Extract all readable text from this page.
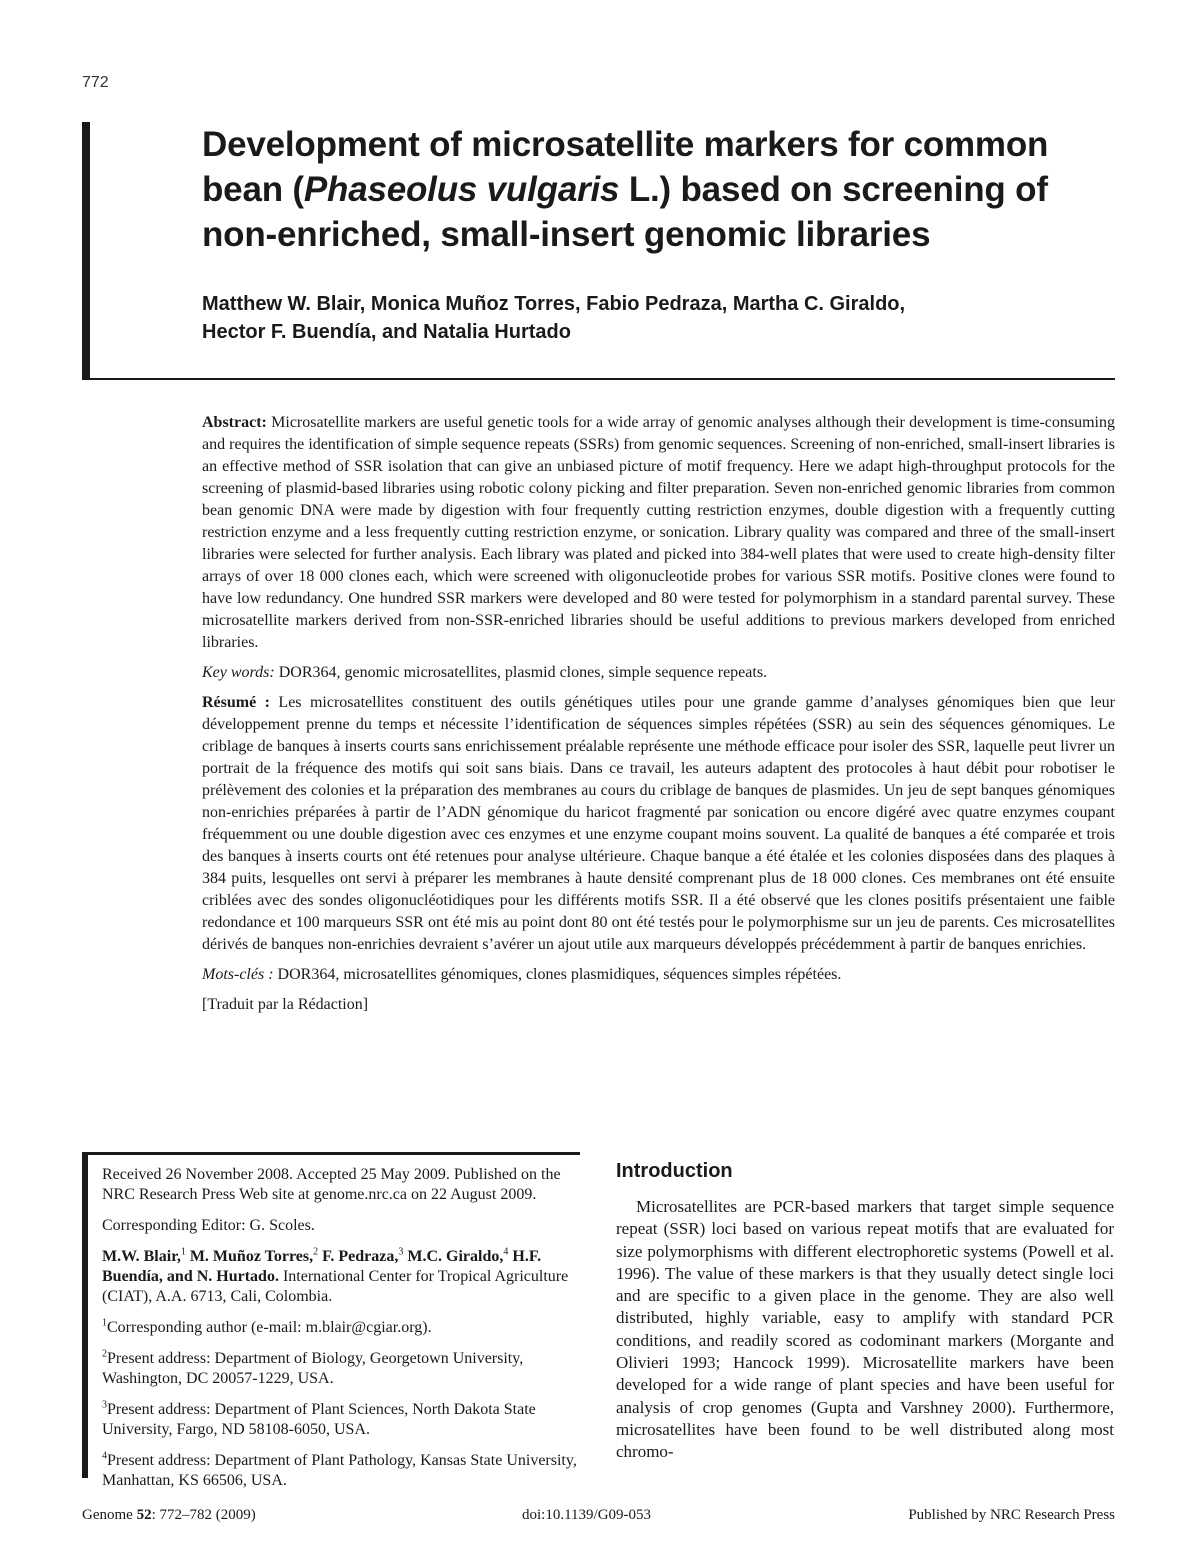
772
Development of microsatellite markers for common bean (Phaseolus vulgaris L.) based on screening of non-enriched, small-insert genomic libraries
Matthew W. Blair, Monica Muñoz Torres, Fabio Pedraza, Martha C. Giraldo,
Hector F. Buendía, and Natalia Hurtado

Abstract: Microsatellite markers are useful genetic tools for a wide array of genomic analyses although their development is time-consuming and requires the identification of simple sequence repeats (SSRs) from genomic sequences. Screening of non-enriched, small-insert libraries is an effective method of SSR isolation that can give an unbiased picture of motif frequency. Here we adapt high-throughput protocols for the screening of plasmid-based libraries using robotic colony picking and filter preparation. Seven non-enriched genomic libraries from common bean genomic DNA were made by digestion with four frequently cutting restriction enzymes, double digestion with a frequently cutting restriction enzyme and a less frequently cutting restriction enzyme, or sonication. Library quality was compared and three of the small-insert libraries were selected for further analysis. Each library was plated and picked into 384-well plates that were used to create high-density filter arrays of over 18 000 clones each, which were screened with oligonucleotide probes for various SSR motifs. Positive clones were found to have low redundancy. One hundred SSR markers were developed and 80 were tested for polymorphism in a standard parental survey. These microsatellite markers derived from non-SSR-enriched libraries should be useful additions to previous markers developed from enriched libraries.

Key words: DOR364, genomic microsatellites, plasmid clones, simple sequence repeats.

Résumé : Les microsatellites constituent des outils génétiques utiles pour une grande gamme d’analyses génomiques bien que leur développement prenne du temps et nécessite l’identification de séquences simples répétées (SSR) au sein des séquences génomiques. Le criblage de banques à inserts courts sans enrichissement préalable représente une méthode efficace pour isoler des SSR, laquelle peut livrer un portrait de la fréquence des motifs qui soit sans biais. Dans ce travail, les auteurs adaptent des protocoles à haut débit pour robotiser le prélèvement des colonies et la préparation des membranes au cours du criblage de banques de plasmides. Un jeu de sept banques génomiques non-enrichies préparées à partir de l’ADN génomique du haricot fragmenté par sonication ou encore digéré avec quatre enzymes coupant fréquemment ou une double digestion avec ces enzymes et une enzyme coupant moins souvent. La qualité de banques a été comparée et trois des banques à inserts courts ont été retenues pour analyse ultérieure. Chaque banque a été étalée et les colonies disposées dans des plaques à 384 puits, lesquelles ont servi à préparer les membranes à haute densité comprenant plus de 18 000 clones. Ces membranes ont été ensuite criblées avec des sondes oligonucléotidiques pour les différents motifs SSR. Il a été observé que les clones positifs présentaient une faible redondance et 100 marqueurs SSR ont été mis au point dont 80 ont été testés pour le polymorphisme sur un jeu de parents. Ces microsatellites dérivés de banques non-enrichies devraient s’avérer un ajout utile aux marqueurs développés précédemment à partir de banques enrichies.

Mots-clés : DOR364, microsatellites génomiques, clones plasmidiques, séquences simples répétées.

[Traduit par la Rédaction]

Received 26 November 2008. Accepted 25 May 2009. Published on the NRC Research Press Web site at genome.nrc.ca on 22 August 2009.

Corresponding Editor: G. Scoles.

M.W. Blair,$^1$ M. Muñoz Torres,$^2$ F. Pedraza,$^3$ M.C. Giraldo,$^4$ H.F. Buendía, and N. Hurtado. International Center for Tropical Agriculture (CIAT), A.A. 6713, Cali, Colombia.

$^1$Corresponding author (e-mail: m.blair@cgiar.org).

$^2$Present address: Department of Biology, Georgetown University, Washington, DC 20057-1229, USA.

$^3$Present address: Department of Plant Sciences, North Dakota State University, Fargo, ND 58108-6050, USA.

$^4$Present address: Department of Plant Pathology, Kansas State University, Manhattan, KS 66506, USA.

Introduction

Microsatellites are PCR-based markers that target simple sequence repeat (SSR) loci based on various repeat motifs that are evaluated for size polymorphisms with different electrophoretic systems (Powell et al. 1996). The value of these markers is that they usually detect single loci and are specific to a given place in the genome. They are also well distributed, highly variable, easy to amplify with standard PCR conditions, and readily scored as codominant markers (Morgante and Olivieri 1993; Hancock 1999). Microsatellite markers have been developed for a wide range of plant species and have been useful for analysis of crop genomes (Gupta and Varshney 2000). Furthermore, microsatellites have been found to be well distributed along most chromo-

Genome 52: 772–782 (2009)	doi:10.1139/G09-053	Published by NRC Research Press
